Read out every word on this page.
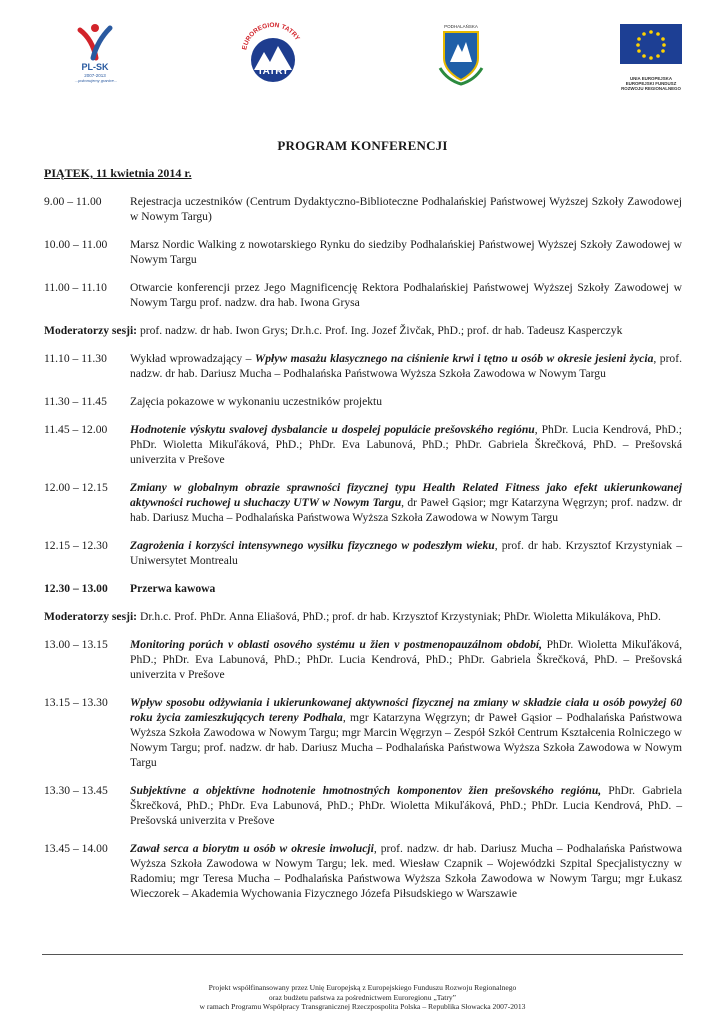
PL-SK
2007-2013
...pokonujemy granice...
EUROREGION TATRY
TATRY
PODHALAŃSKA
UNIA EUROPEJSKA
EUROPEJSKI FUNDUSZ
ROZWOJU REGIONALNEGO
PROGRAM KONFERENCJI
PIĄTEK, 11 kwietnia 2014 r.
9.00 – 11.00	Rejestracja uczestników (Centrum Dydaktyczno-Biblioteczne Podhalańskiej Państwowej Wyższej Szkoły Zawodowej w Nowym Targu)
10.00 – 11.00	Marsz Nordic Walking z nowotarskiego Rynku do siedziby Podhalańskiej Państwowej Wyższej Szkoły Zawodowej w Nowym Targu
11.00 – 11.10	Otwarcie konferencji przez Jego Magnificencję Rektora Podhalańskiej Państwowej Wyższej Szkoły Zawodowej w Nowym Targu prof. nadzw. dra hab. Iwona Grysa
Moderatorzy sesji: prof. nadzw. dr hab. Iwon Grys; Dr.h.c. Prof. Ing. Jozef Živčak, PhD.; prof. dr hab. Tadeusz Kasperczyk
11.10 – 11.30	Wykład wprowadzający – Wpływ masażu klasycznego na ciśnienie krwi i tętno u osób w okresie jesieni życia, prof. nadzw. dr hab. Dariusz Mucha – Podhalańska Państwowa Wyższa Szkoła Zawodowa w Nowym Targu
11.30 – 11.45	Zajęcia pokazowe w wykonaniu uczestników projektu
11.45 – 12.00	Hodnotenie výskytu svalovej dysbalancie u dospelej populácie prešovského regiónu, PhDr. Lucia Kendrová, PhD.; PhDr. Wioletta Mikuľáková, PhD.; PhDr. Eva Labunová, PhD.; PhDr. Gabriela Škrečková, PhD. – Prešovská univerzita v Prešove
12.00 – 12.15	Zmiany w globalnym obrazie sprawności fizycznej typu Health Related Fitness jako efekt ukierunkowanej aktywności ruchowej u słuchaczy UTW w Nowym Targu, dr Paweł Gąsior; mgr Katarzyna Węgrzyn; prof. nadzw. dr hab. Dariusz Mucha – Podhalańska Państwowa Wyższa Szkoła Zawodowa w Nowym Targu
12.15 – 12.30	Zagrożenia i korzyści intensywnego wysiłku fizycznego w podeszłym wieku, prof. dr hab. Krzysztof Krzystyniak – Uniwersytet Montrealu
12.30 – 13.00	Przerwa kawowa
Moderatorzy sesji: Dr.h.c. Prof. PhDr. Anna Eliašová, PhD.; prof. dr hab. Krzysztof Krzystyniak; PhDr. Wioletta Mikulákova, PhD.
13.00 – 13.15	Monitoring porúch v oblasti osového systému u žien v postmenopauzálnom období, PhDr. Wioletta Mikuľáková, PhD.; PhDr. Eva Labunová, PhD.; PhDr. Lucia Kendrová, PhD.; PhDr. Gabriela Škrečková, PhD. – Prešovská univerzita v Prešove
13.15 – 13.30	Wpływ sposobu odżywiania i ukierunkowanej aktywności fizycznej na zmiany w składzie ciała u osób powyżej 60 roku życia zamieszkujących tereny Podhala, mgr Katarzyna Węgrzyn; dr Paweł Gąsior – Podhalańska Państwowa Wyższa Szkoła Zawodowa w Nowym Targu; mgr Marcin Węgrzyn – Zespół Szkół Centrum Kształcenia Rolniczego w Nowym Targu; prof. nadzw. dr hab. Dariusz Mucha – Podhalańska Państwowa Wyższa Szkoła Zawodowa w Nowym Targu
13.30 – 13.45	Subjektívne a objektívne hodnotenie hmotnostných komponentov žien prešovského regiónu, PhDr. Gabriela Škrečková, PhD.; PhDr. Eva Labunová, PhD.; PhDr. Wioletta Mikuľáková, PhD.; PhDr. Lucia Kendrová, PhD. – Prešovská univerzita v Prešove
13.45 – 14.00	Zawał serca a biorytm u osób w okresie inwolucji, prof. nadzw. dr hab. Dariusz Mucha – Podhalańska Państwowa Wyższa Szkoła Zawodowa w Nowym Targu; lek. med. Wiesław Czapnik – Wojewódzki Szpital Specjalistyczny w Radomiu; mgr Teresa Mucha – Podhalańska Państwowa Wyższa Szkoła Zawodowa w Nowym Targu; mgr Łukasz Wieczorek – Akademia Wychowania Fizycznego Józefa Piłsudskiego w Warszawie
Projekt współfinansowany przez Unię Europejską z Europejskiego Funduszu Rozwoju Regionalnego
oraz budżetu państwa za pośrednictwem Euroregionu „Tatry”
w ramach Programu Współpracy Transgranicznej Rzeczpospolita Polska – Republika Słowacka 2007-2013
